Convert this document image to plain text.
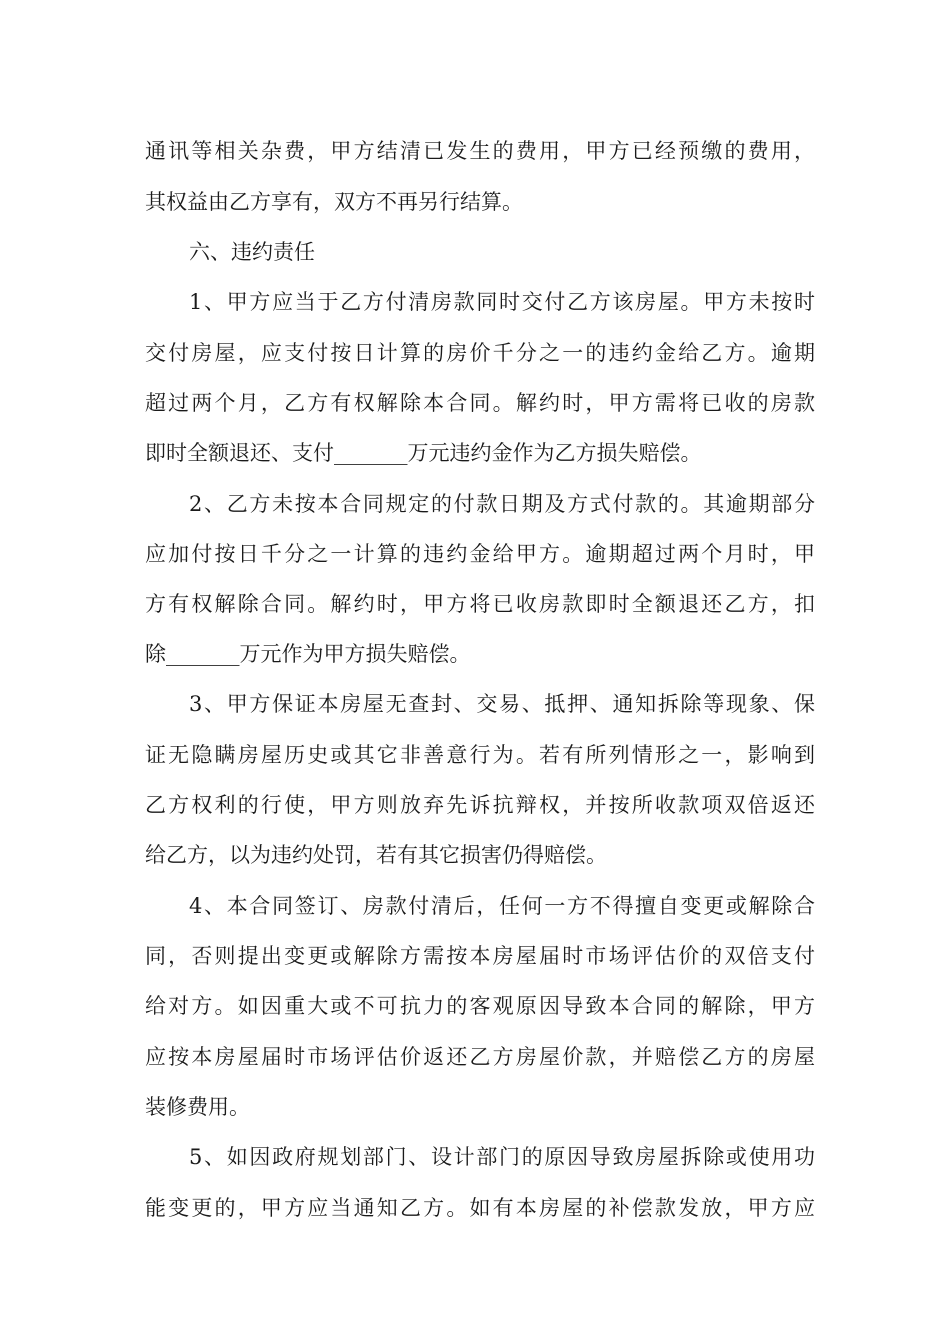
通讯等相关杂费，甲方结清已发生的费用，甲方已经预缴的费用，
其权益由乙方享有，双方不再另行结算。
六、违约责任
1、甲方应当于乙方付清房款同时交付乙方该房屋。甲方未按时
交付房屋，应支付按日计算的房价千分之一的违约金给乙方。逾期
超过两个月，乙方有权解除本合同。解约时，甲方需将已收的房款
即时全额退还、支付_______万元违约金作为乙方损失赔偿。
2、乙方未按本合同规定的付款日期及方式付款的。其逾期部分
应加付按日千分之一计算的违约金给甲方。逾期超过两个月时，甲
方有权解除合同。解约时，甲方将已收房款即时全额退还乙方，扣
除_______万元作为甲方损失赔偿。
3、甲方保证本房屋无查封、交易、抵押、通知拆除等现象、保
证无隐瞒房屋历史或其它非善意行为。若有所列情形之一，影响到
乙方权利的行使，甲方则放弃先诉抗辩权，并按所收款项双倍返还
给乙方，以为违约处罚，若有其它损害仍得赔偿。
4、本合同签订、房款付清后，任何一方不得擅自变更或解除合
同，否则提出变更或解除方需按本房屋届时市场评估价的双倍支付
给对方。如因重大或不可抗力的客观原因导致本合同的解除，甲方
应按本房屋届时市场评估价返还乙方房屋价款，并赔偿乙方的房屋
装修费用。
5、如因政府规划部门、设计部门的原因导致房屋拆除或使用功
能变更的，甲方应当通知乙方。如有本房屋的补偿款发放，甲方应
